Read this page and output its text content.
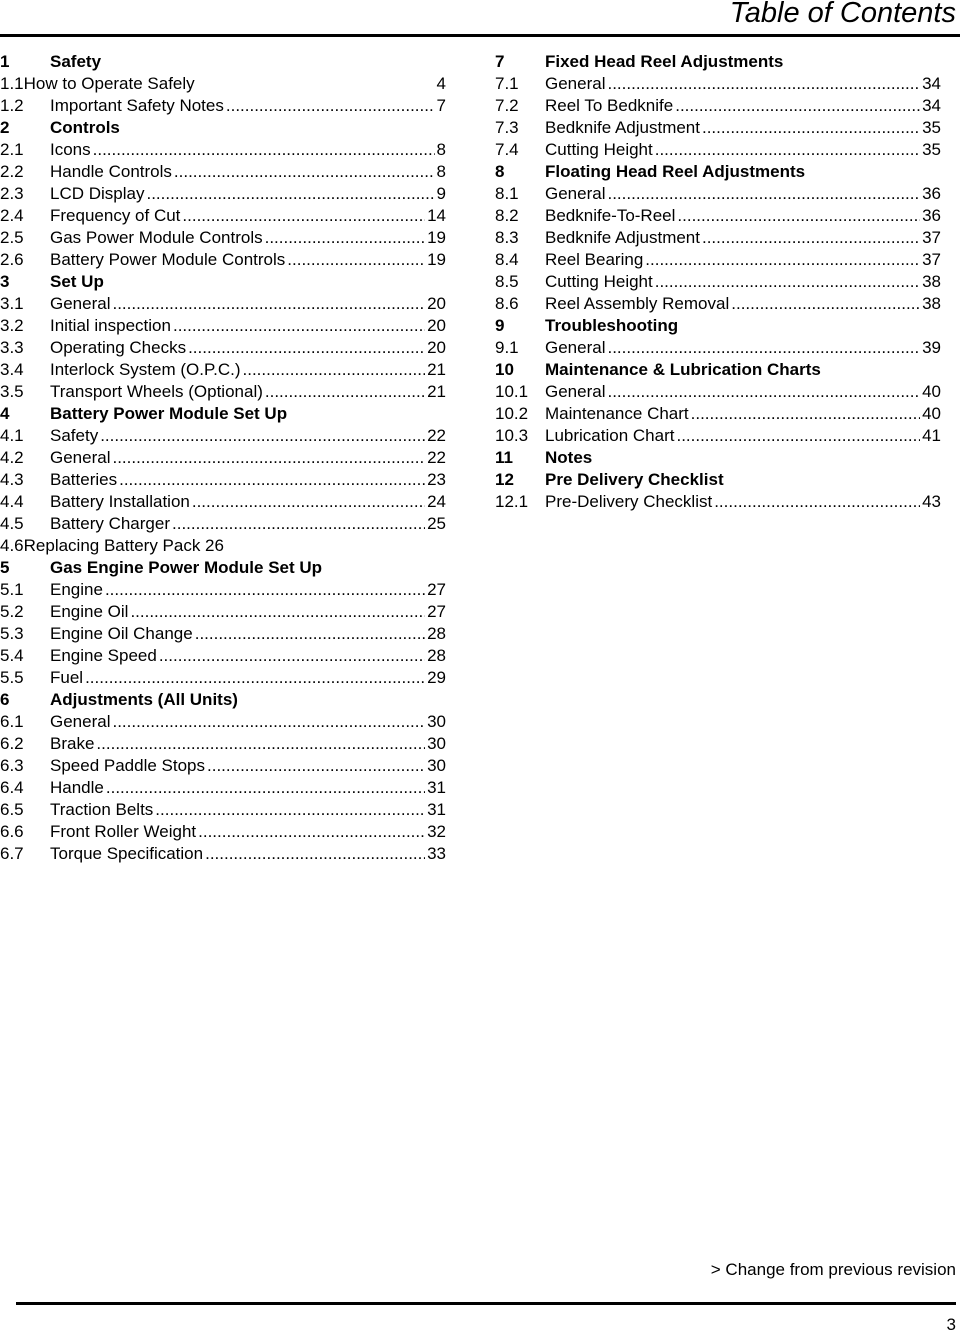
Table of Contents
1	Safety
1.1How to Operate Safely	4
1.2	Important Safety Notes .....	7
2	Controls
2.1	Icons .....	8
2.2	Handle Controls .....	8
2.3	LCD Display .....	9
2.4	Frequency of Cut .....	14
2.5	Gas Power Module Controls .....	19
2.6	Battery Power Module Controls .....	19
3	Set Up
3.1	General .....	20
3.2	Initial inspection .....	20
3.3	Operating Checks .....	20
3.4	Interlock System (O.P.C.) .....	21
3.5	Transport Wheels (Optional) .....	21
4	Battery Power Module Set Up
4.1	Safety .....	22
4.2	General .....	22
4.3	Batteries .....	23
4.4	Battery Installation .....	24
4.5	Battery Charger .....	25
4.6Replacing Battery Pack 26
5	Gas Engine Power Module Set Up
5.1	Engine .....	27
5.2	Engine Oil .....	27
5.3	Engine Oil Change .....	28
5.4	Engine Speed .....	28
5.5	Fuel .....	29
6	Adjustments (All Units)
6.1	General .....	30
6.2	Brake .....	30
6.3	Speed Paddle Stops .....	30
6.4	Handle .....	31
6.5	Traction Belts .....	31
6.6	Front Roller Weight .....	32
6.7	Torque Specification .....	33
7	Fixed Head Reel Adjustments
7.1	General .....	34
7.2	Reel To Bedknife .....	34
7.3	Bedknife Adjustment .....	35
7.4	Cutting Height .....	35
8	Floating Head Reel Adjustments
8.1	General .....	36
8.2	Bedknife-To-Reel .....	36
8.3	Bedknife Adjustment .....	37
8.4	Reel Bearing .....	37
8.5	Cutting Height .....	38
8.6	Reel Assembly Removal .....	38
9	Troubleshooting
9.1	General .....	39
10	Maintenance & Lubrication Charts
10.1 General .....	40
10.2 Maintenance Chart .....	40
10.3 Lubrication Chart .....	41
11	Notes
12	Pre Delivery Checklist
12.1 Pre-Delivery Checklist .....	43
> Change from previous revision
3
